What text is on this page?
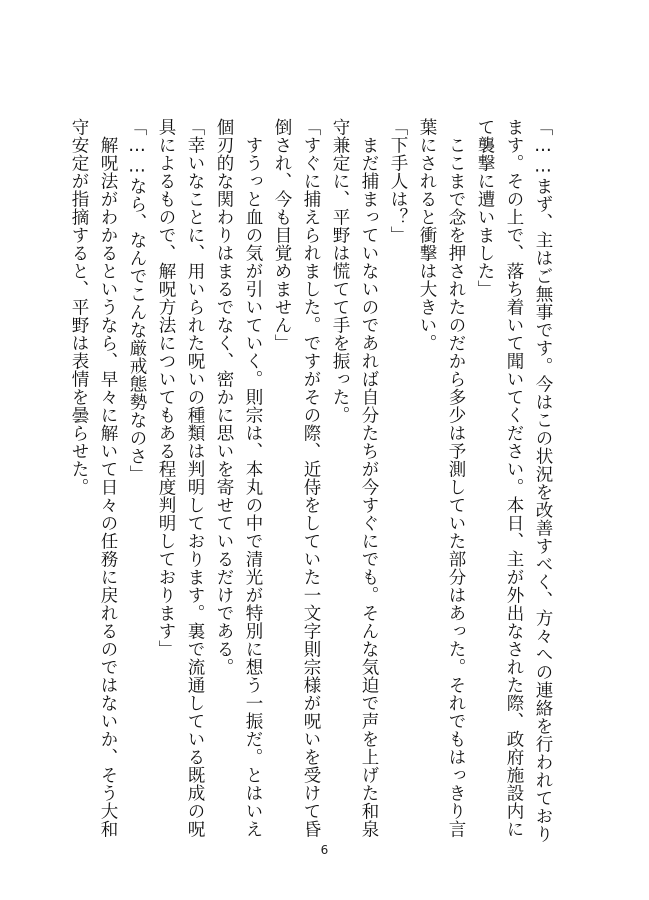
「……まず、主はご無事です。今はこの状況を改善すべく、方々への連絡を行われており
ます。その上で、落ち着いて聞いてください。本日、主が外出なされた際、政府施設内に
て襲撃に遭いました」
　ここまで念を押されたのだから多少は予測していた部分はあった。それでもはっきり言
葉にされると衝撃は大きい。
「下手人は？」
　まだ捕まっていないのであれば自分たちが今すぐにでも。そんな気迫で声を上げた和泉
守兼定に、平野は慌てて手を振った。
「すぐに捕えられました。ですがその際、近侍をしていた一文字則宗様が呪いを受けて昏
倒され、今も目覚めません」
　すうっと血の気が引いていく。則宗は、本丸の中で清光が特別に想う一振だ。とはいえ
個刃的な関わりはまるでなく、密かに思いを寄せているだけである。
「幸いなことに、用いられた呪いの種類は判明しております。裏で流通している既成の呪
具によるもので、解呪方法についてもある程度判明しております」
「……なら、なんでこんな厳戒態勢なのさ」
　解呪法がわかるというなら、早々に解いて日々の任務に戻れるのではないか、そう大和
守安定が指摘すると、平野は表情を曇らせた。
6
